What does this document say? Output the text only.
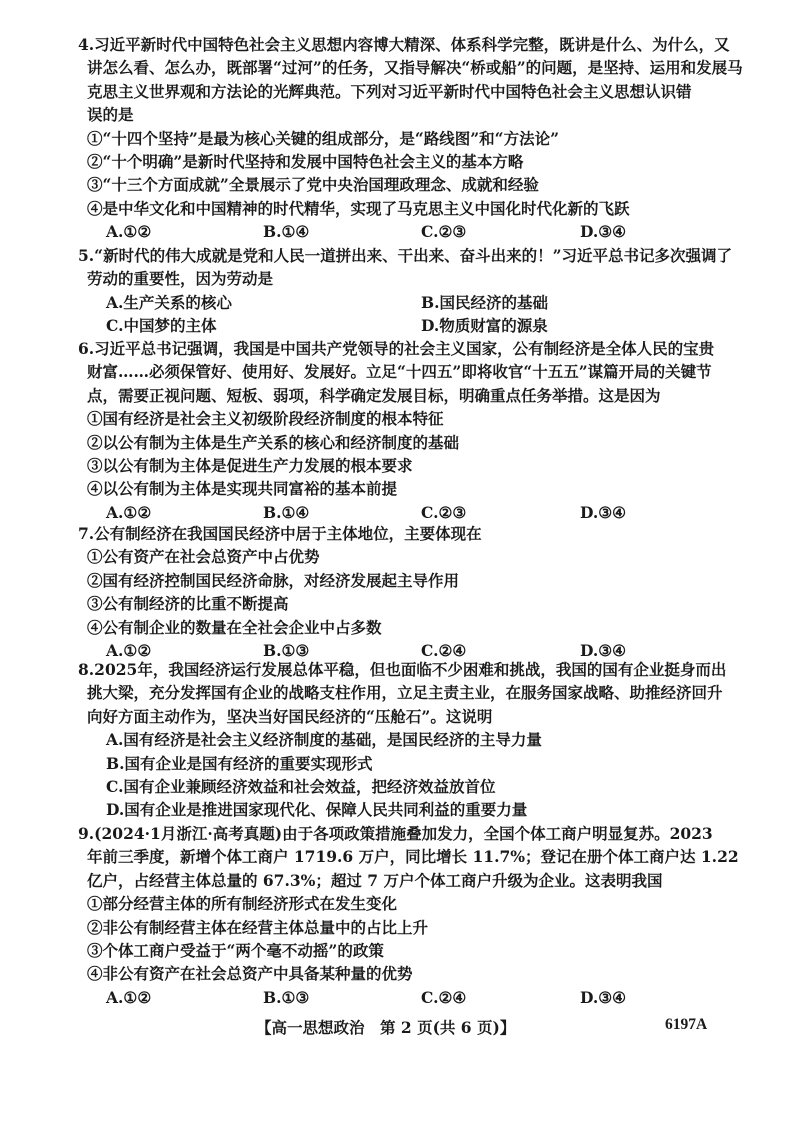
4.习近平新时代中国特色社会主义思想内容博大精深、体系科学完整，既讲是什么、为什么，又
讲怎么看、怎么办，既部署“过河”的任务，又指导解决“桥或船”的问题，是坚持、运用和发展马
克思主义世界观和方法论的光辉典范。下列对习近平新时代中国特色社会主义思想认识错
误的是
①“十四个坚持”是最为核心关键的组成部分，是“路线图”和“方法论”
②“十个明确”是新时代坚持和发展中国特色社会主义的基本方略
③“十三个方面成就”全景展示了党中央治国理政理念、成就和经验
④是中华文化和中国精神的时代精华，实现了马克思主义中国化时代化新的飞跃
A.①②	B.①④	C.②③	D.③④
5.“新时代的伟大成就是党和人民一道拼出来、干出来、奋斗出来的！”习近平总书记多次强调了
劳动的重要性，因为劳动是
A.生产关系的核心	B.国民经济的基础
C.中国梦的主体	D.物质财富的源泉
6.习近平总书记强调，我国是中国共产党领导的社会主义国家，公有制经济是全体人民的宝贵
财富……必须保管好、使用好、发展好。立足“十四五”即将收官“十五五”谋篇开局的关键节
点，需要正视问题、短板、弱项，科学确定发展目标，明确重点任务举措。这是因为
①国有经济是社会主义初级阶段经济制度的根本特征
②以公有制为主体是生产关系的核心和经济制度的基础
③以公有制为主体是促进生产力发展的根本要求
④以公有制为主体是实现共同富裕的基本前提
A.①②	B.①④	C.②③	D.③④
7.公有制经济在我国国民经济中居于主体地位，主要体现在
①公有资产在社会总资产中占优势
②国有经济控制国民经济命脉，对经济发展起主导作用
③公有制经济的比重不断提高
④公有制企业的数量在全社会企业中占多数
A.①②	B.①③	C.②④	D.③④
8.2025年，我国经济运行发展总体平稳，但也面临不少困难和挑战，我国的国有企业挺身而出
挑大梁，充分发挥国有企业的战略支柱作用，立足主责主业，在服务国家战略、助推经济回升
向好方面主动作为，坚决当好国民经济的“压舱石”。这说明
A.国有经济是社会主义经济制度的基础，是国民经济的主导力量
B.国有企业是国有经济的重要实现形式
C.国有企业兼顾经济效益和社会效益，把经济效益放首位
D.国有企业是推进国家现代化、保障人民共同利益的重要力量
9.(2024·1月浙江·高考真题)由于各项政策措施叠加发力，全国个体工商户明显复苏。2023
年前三季度，新增个体工商户 1719.6 万户，同比增长 11.7%；登记在册个体工商户达 1.22
亿户，占经营主体总量的 67.3%；超过 7 万户个体工商户升级为企业。这表明我国
①部分经营主体的所有制经济形式在发生变化
②非公有制经营主体在经营主体总量中的占比上升
③个体工商户受益于“两个毫不动摇”的政策
④非公有资产在社会总资产中具备某种量的优势
A.①②	B.①③	C.②④	D.③④
【高一思想政治　第 2 页(共 6 页)】	6197A
